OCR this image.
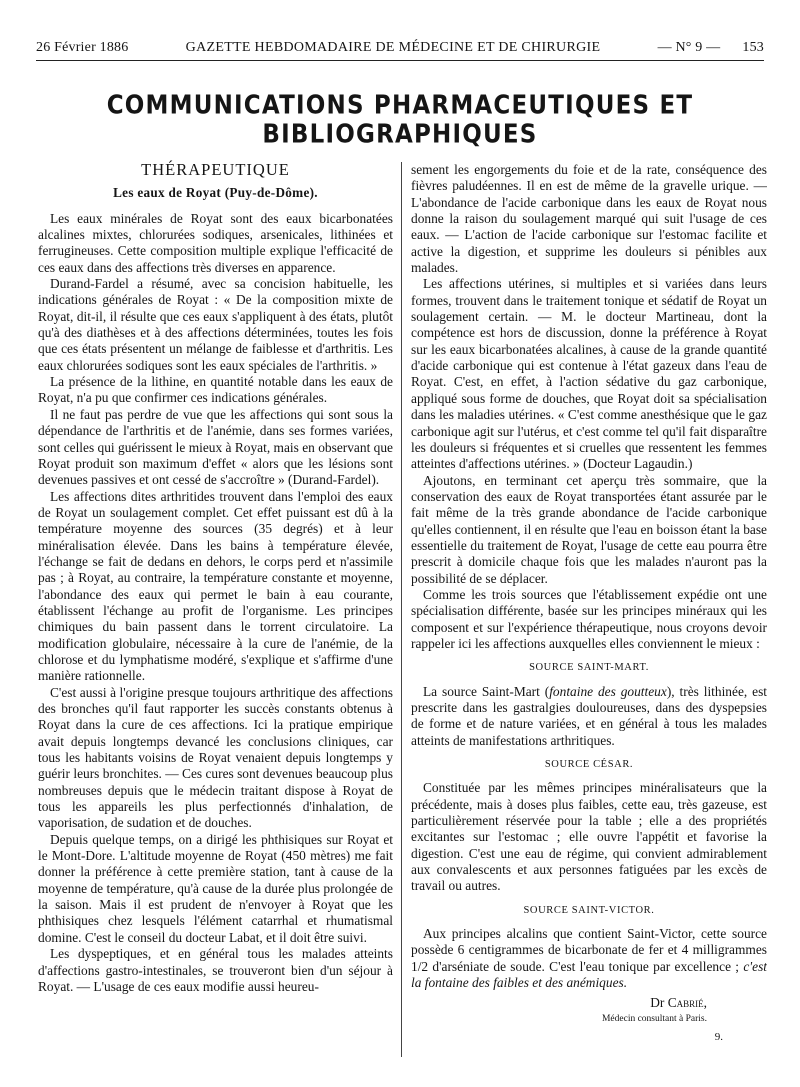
26 Février 1886	GAZETTE HEBDOMADAIRE DE MÉDECINE ET DE CHIRURGIE	— N° 9 — 153
COMMUNICATIONS PHARMACEUTIQUES ET BIBLIOGRAPHIQUES
THÉRAPEUTIQUE
Les eaux de Royat (Puy-de-Dôme).

Les eaux minérales de Royat sont des eaux bicarbonatées alcalines mixtes, chlorurées sodiques, arsenicales, lithinées et ferrugineuses. Cette composition multiple explique l'efficacité de ces eaux dans des affections très diverses en apparence.

Durand-Fardel a résumé, avec sa concision habituelle, les indications générales de Royat : « De la composition mixte de Royat, dit-il, il résulte que ces eaux s'appliquent à des états, plutôt qu'à des diathèses et à des affections déterminées, toutes les fois que ces états présentent un mélange de faiblesse et d'arthritis. Les eaux chlorurées sodiques sont les eaux spéciales de l'arthritis. »

La présence de la lithine, en quantité notable dans les eaux de Royat, n'a pu que confirmer ces indications générales.

Il ne faut pas perdre de vue que les affections qui sont sous la dépendance de l'arthritis et de l'anémie, dans ses formes variées, sont celles qui guérissent le mieux à Royat, mais en observant que Royat produit son maximum d'effet « alors que les lésions sont devenues passives et ont cessé de s'accroître » (Durand-Fardel).

Les affections dites arthritides trouvent dans l'emploi des eaux de Royat un soulagement complet. Cet effet puissant est dû à la température moyenne des sources (35 degrés) et à leur minéralisation élevée. Dans les bains à température élevée, l'échange se fait de dedans en dehors, le corps perd et n'assimile pas ; à Royat, au contraire, la température constante et moyenne, l'abondance des eaux qui permet le bain à eau courante, établissent l'échange au profit de l'organisme. Les principes chimiques du bain passent dans le torrent circulatoire. La modification globulaire, nécessaire à la cure de l'anémie, de la chlorose et du lymphatisme modéré, s'explique et s'affirme d'une manière rationnelle.

C'est aussi à l'origine presque toujours arthritique des affections des bronches qu'il faut rapporter les succès constants obtenus à Royat dans la cure de ces affections. Ici la pratique empirique avait depuis longtemps devancé les conclusions cliniques, car tous les habitants voisins de Royat venaient depuis longtemps y guérir leurs bronchites. — Ces cures sont devenues beaucoup plus nombreuses depuis que le médecin traitant dispose à Royat de tous les appareils les plus perfectionnés d'inhalation, de vaporisation, de sudation et de douches.

Depuis quelque temps, on a dirigé les phthisiques sur Royat et le Mont-Dore. L'altitude moyenne de Royat (450 mètres) me fait donner la préférence à cette première station, tant à cause de la moyenne de température, qu'à cause de la durée plus prolongée de la saison. Mais il est prudent de n'envoyer à Royat que les phthisiques chez lesquels l'élément catarrhal et rhumatismal domine. C'est le conseil du docteur Labat, et il doit être suivi.

Les dyspeptiques, et en général tous les malades atteints d'affections gastro-intestinales, se trouveront bien d'un séjour à Royat. — L'usage de ces eaux modifie aussi heureu-

sement les engorgements du foie et de la rate, conséquence des fièvres paludéennes. Il en est de même de la gravelle urique. — L'abondance de l'acide carbonique dans les eaux de Royat nous donne la raison du soulagement marqué qui suit l'usage de ces eaux. — L'action de l'acide carbonique sur l'estomac facilite et active la digestion, et supprime les douleurs si pénibles aux malades.

Les affections utérines, si multiples et si variées dans leurs formes, trouvent dans le traitement tonique et sédatif de Royat un soulagement certain. — M. le docteur Martineau, dont la compétence est hors de discussion, donne la préférence à Royat sur les eaux bicarbonatées alcalines, à cause de la grande quantité d'acide carbonique qui est contenue à l'état gazeux dans l'eau de Royat. C'est, en effet, à l'action sédative du gaz carbonique, appliqué sous forme de douches, que Royat doit sa spécialisation dans les maladies utérines. « C'est comme anesthésique que le gaz carbonique agit sur l'utérus, et c'est comme tel qu'il fait disparaître les douleurs si fréquentes et si cruelles que ressentent les femmes atteintes d'affections utérines. » (Docteur Lagaudin.)

Ajoutons, en terminant cet aperçu très sommaire, que la conservation des eaux de Royat transportées étant assurée par le fait même de la très grande abondance de l'acide carbonique qu'elles contiennent, il en résulte que l'eau en boisson étant la base essentielle du traitement de Royat, l'usage de cette eau pourra être prescrit à domicile chaque fois que les malades n'auront pas la possibilité de se déplacer.

Comme les trois sources que l'établissement expédie ont une spécialisation différente, basée sur les principes minéraux qui les composent et sur l'expérience thérapeutique, nous croyons devoir rappeler ici les affections auxquelles elles conviennent le mieux :

SOURCE SAINT-MART.

La source Saint-Mart (fontaine des goutteux), très lithinée, est prescrite dans les gastralgies douloureuses, dans des dyspepsies de forme et de nature variées, et en général à tous les malades atteints de manifestations arthritiques.

SOURCE CÉSAR.

Constituée par les mêmes principes minéralisateurs que la précédente, mais à doses plus faibles, cette eau, très gazeuse, est particulièrement réservée pour la table ; elle a des propriétés excitantes sur l'estomac ; elle ouvre l'appétit et favorise la digestion. C'est une eau de régime, qui convient admirablement aux convalescents et aux personnes fatiguées par les excès de travail ou autres.

SOURCE SAINT-VICTOR.

Aux principes alcalins que contient Saint-Victor, cette source possède 6 centigrammes de bicarbonate de fer et 4 milligrammes 1/2 d'arséniate de soude. C'est l'eau tonique par excellence ; c'est la fontaine des faibles et des anémiques.

Dr Cabrié,
Médecin consultant à Paris.
9.
